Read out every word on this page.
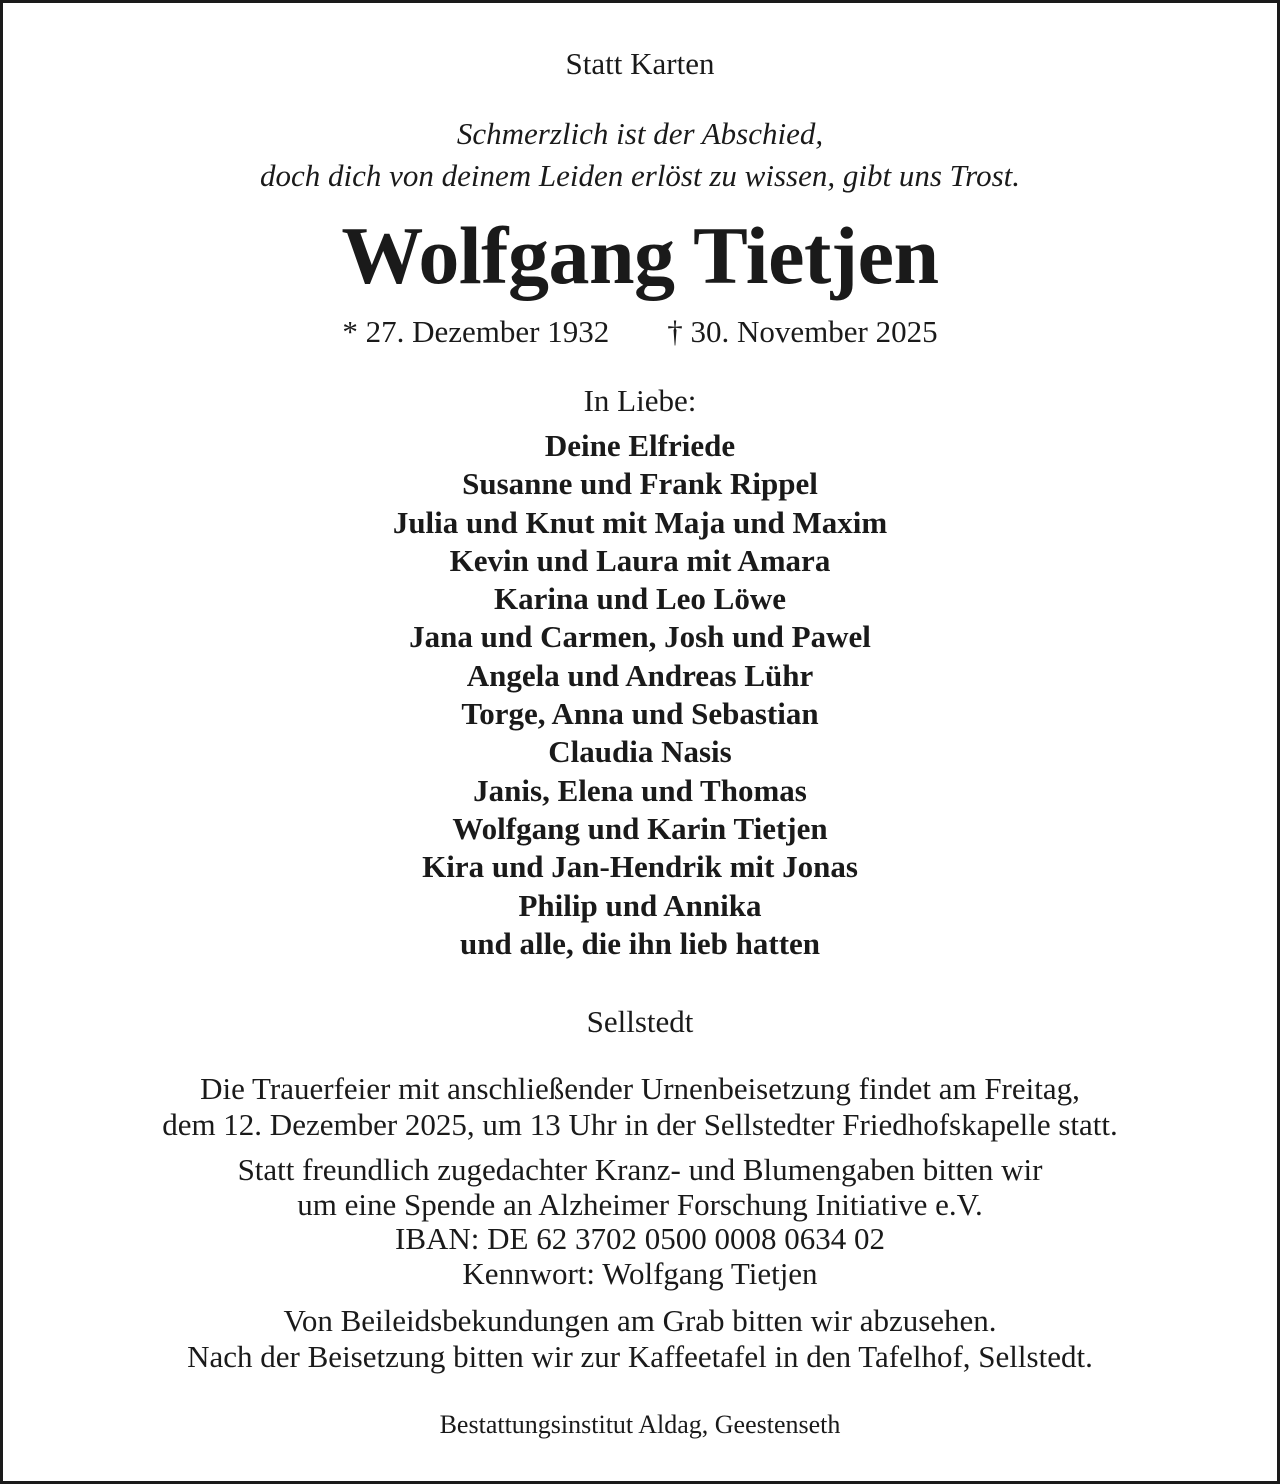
Statt Karten

Schmerzlich ist der Abschied,
doch dich von deinem Leiden erlöst zu wissen, gibt uns Trost.

Wolfgang Tietjen

* 27. Dezember 1932 † 30. November 2025

In Liebe:

Deine Elfriede
Susanne und Frank Rippel
Julia und Knut mit Maja und Maxim
Kevin und Laura mit Amara
Karina und Leo Löwe
Jana und Carmen, Josh und Pawel
Angela und Andreas Lühr
Torge, Anna und Sebastian
Claudia Nasis
Janis, Elena und Thomas
Wolfgang und Karin Tietjen
Kira und Jan-Hendrik mit Jonas
Philip und Annika
und alle, die ihn lieb hatten

Sellstedt

Die Trauerfeier mit anschließender Urnenbeisetzung findet am Freitag,
dem 12. Dezember 2025, um 13 Uhr in der Sellstedter Friedhofskapelle statt.

Statt freundlich zugedachter Kranz- und Blumengaben bitten wir
um eine Spende an Alzheimer Forschung Initiative e.V.
IBAN: DE 62 3702 0500 0008 0634 02
Kennwort: Wolfgang Tietjen

Von Beileidsbekundungen am Grab bitten wir abzusehen.
Nach der Beisetzung bitten wir zur Kaffeetafel in den Tafelhof, Sellstedt.

Bestattungsinstitut Aldag, Geestenseth
